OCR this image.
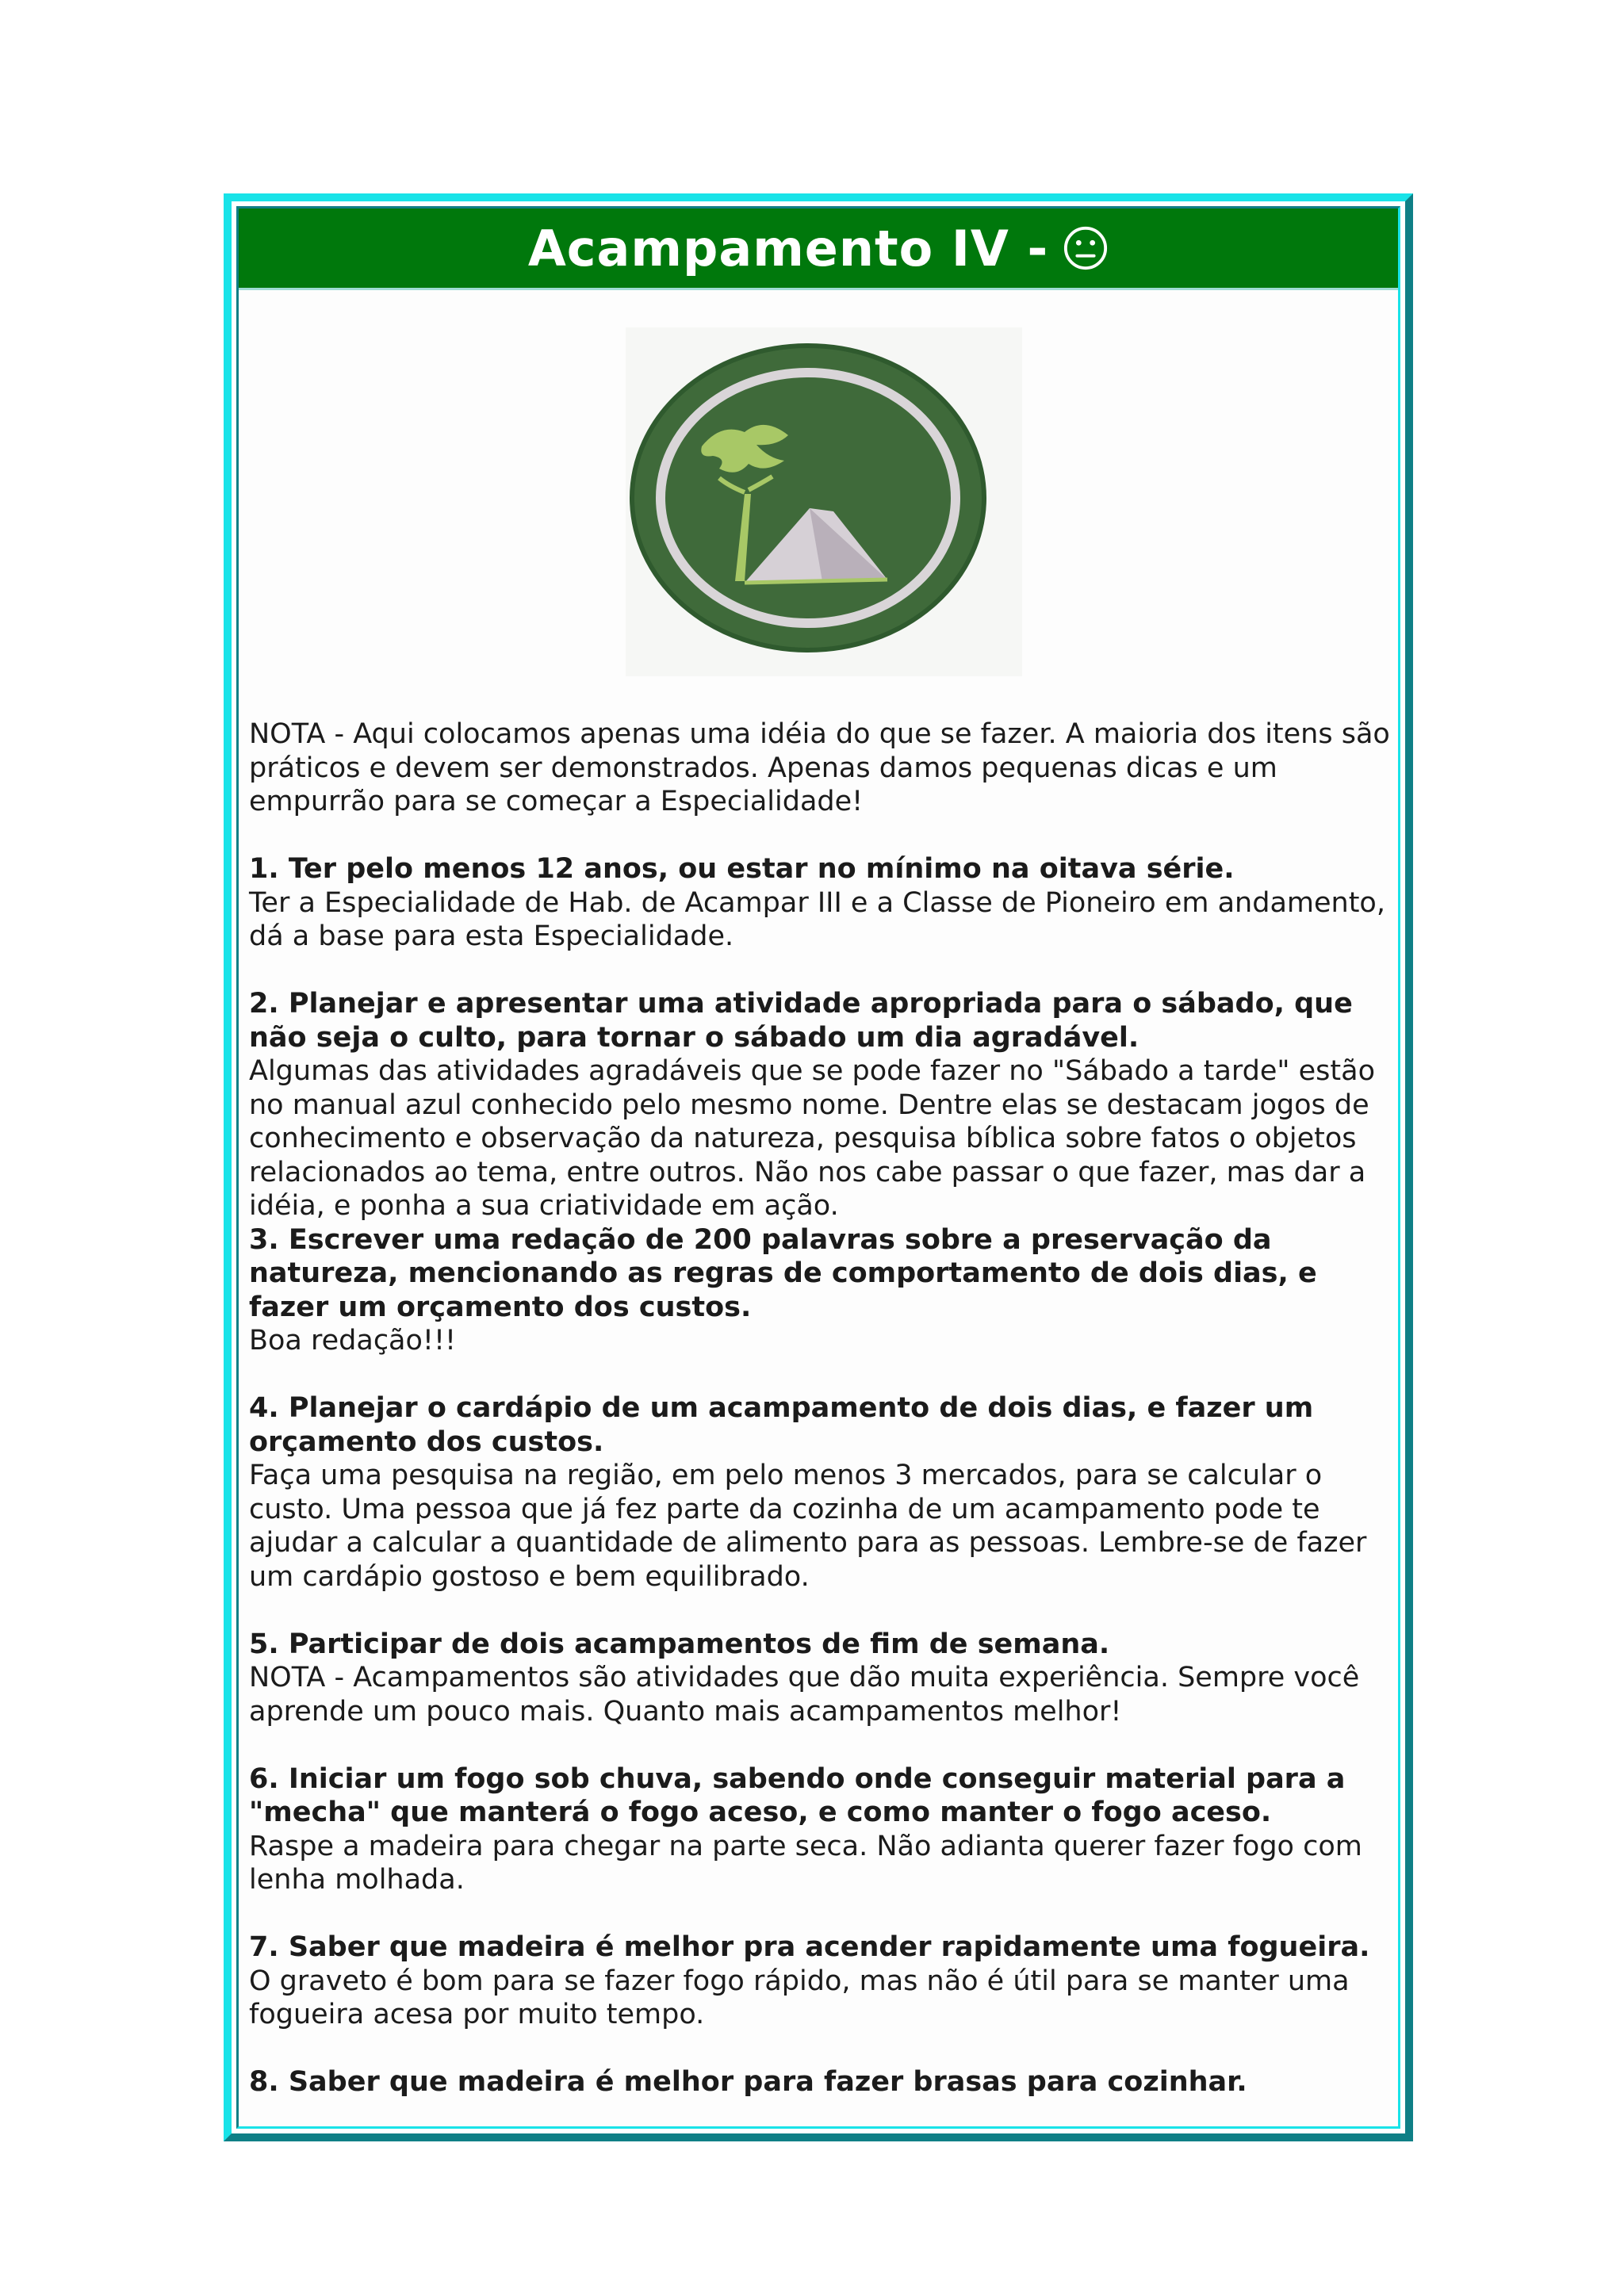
Acampamento IV -

NOTA - Aqui colocamos apenas uma idéia do que se fazer. A maioria dos itens são práticos e devem ser demonstrados. Apenas damos pequenas dicas e um empurrão para se começar a Especialidade!

1. Ter pelo menos 12 anos, ou estar no mínimo na oitava série.

Ter a Especialidade de Hab. de Acampar III e a Classe de Pioneiro em andamento, dá a base para esta Especialidade.

2. Planejar e apresentar uma atividade apropriada para o sábado, que não seja o culto, para tornar o sábado um dia agradável.

Algumas das atividades agradáveis que se pode fazer no "Sábado a tarde" estão no manual azul conhecido pelo mesmo nome. Dentre elas se destacam jogos de conhecimento e observação da natureza, pesquisa bíblica sobre fatos o objetos relacionados ao tema, entre outros. Não nos cabe passar o que fazer, mas dar a idéia, e ponha a sua criatividade em ação.

3. Escrever uma redação de 200 palavras sobre a preservação da natureza, mencionando as regras de comportamento de dois dias, e fazer um orçamento dos custos.

Boa redação!!!

4. Planejar o cardápio de um acampamento de dois dias, e fazer um orçamento dos custos.

Faça uma pesquisa na região, em pelo menos 3 mercados, para se calcular o custo. Uma pessoa que já fez parte da cozinha de um acampamento pode te ajudar a calcular a quantidade de alimento para as pessoas. Lembre-se de fazer um cardápio gostoso e bem equilibrado.

5. Participar de dois acampamentos de fim de semana.

NOTA - Acampamentos são atividades que dão muita experiência. Sempre você aprende um pouco mais. Quanto mais acampamentos melhor!

6. Iniciar um fogo sob chuva, sabendo onde conseguir material para a "mecha" que manterá o fogo aceso, e como manter o fogo aceso.

Raspe a madeira para chegar na parte seca. Não adianta querer fazer fogo com lenha molhada.

7. Saber que madeira é melhor pra acender rapidamente uma fogueira.

O graveto é bom para se fazer fogo rápido, mas não é útil para se manter uma fogueira acesa por muito tempo.

8. Saber que madeira é melhor para fazer brasas para cozinhar.
